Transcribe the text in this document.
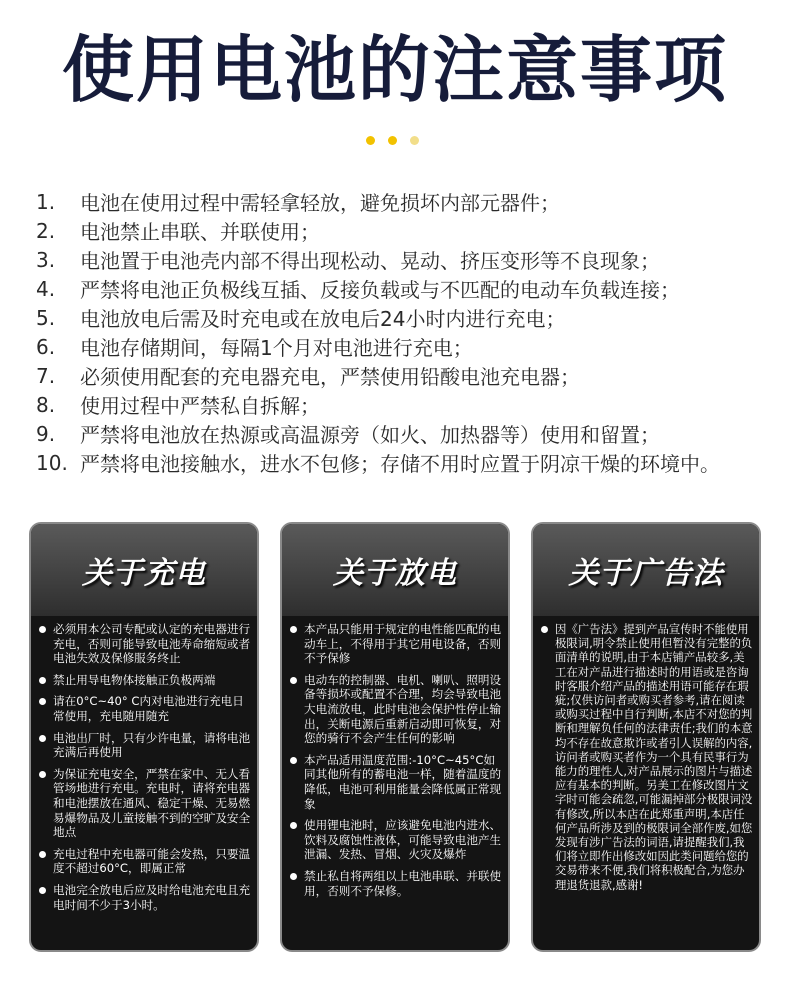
使用电池的注意事项
1.	电池在使用过程中需轻拿轻放，避免损坏内部元器件；
2.	电池禁止串联、并联使用；
3.	电池置于电池壳内部不得出现松动、晃动、挤压变形等不良现象；
4.	严禁将电池正负极线互插、反接负载或与不匹配的电动车负载连接；
5.	电池放电后需及时充电或在放电后24小时内进行充电；
6.	电池存储期间，每隔1个月对电池进行充电；
7.	必须使用配套的充电器充电，严禁使用铅酸电池充电器；
8.	使用过程中严禁私自拆解；
9.	严禁将电池放在热源或高温源旁（如火、加热器等）使用和留置；
10. 严禁将电池接触水，进水不包修；存储不用时应置于阴凉干燥的环境中。
关于充电
必须用本公司专配或认定的充电器进行充电，否则可能导致电池寿命缩短或者电池失效及保修服务终止
禁止用导电物体接触正负极两端
请在0°C~40° C内对电池进行充电日常使用，充电随用随充
电池出厂时，只有少许电量，请将电池充满后再使用
为保证充电安全，严禁在家中、无人看管场地进行充电。充电时，请将充电器和电池摆放在通风、稳定干燥、无易燃易爆物品及儿童接触不到的空旷及安全地点
充电过程中充电器可能会发热，只要温度不超过60°C，即属正常
电池完全放电后应及时给电池充电且充电时间不少于3小时。
关于放电
本产品只能用于规定的电性能匹配的电动车上，不得用于其它用电设备，否则不予保修
电动车的控制器、电机、喇叭、照明设备等损坏或配置不合理，均会导致电池大电流放电，此时电池会保护性停止输出，关断电源后重新启动即可恢复，对您的骑行不会产生任何的影响
本产品适用温度范围:-10°C~45°C如同其他所有的蓄电池一样，随着温度的降低，电池可利用能量会降低属正常现象
使用锂电池时，应该避免电池内进水、饮料及腐蚀性液体，可能导致电池产生泄漏、发热、冒烟、火灾及爆炸
禁止私自将两组以上电池串联、并联使用，否则不予保修。
关于广告法
因《广告法》提到产品宣传时不能使用极限词,明令禁止使用但暂没有完整的负面清单的说明,由于本店铺产品较多,美工在对产品进行描述时的用语或是咨询时客服介绍产品的描述用语可能存在瑕疵;仅供访问者或购买者参考,请在阅读或购买过程中自行判断,本店不对您的判断和理解负任何的法律责任;我们的本意均不存在故意欺诈或者引人误解的内容,访问者或购买者作为一个具有民事行为能力的理性人,对产品展示的图片与描述应有基本的判断。另美工在修改图片文字时可能会疏忽,可能漏掉部分极限词没有修改,所以本店在此郑重声明,本店任何产品所涉及到的极限词全部作废,如您发现有涉广告法的词语,请提醒我们,我们将立即作出修改如因此类问题给您的交易带来不便,我们将积极配合,为您办理退货退款,感谢!
